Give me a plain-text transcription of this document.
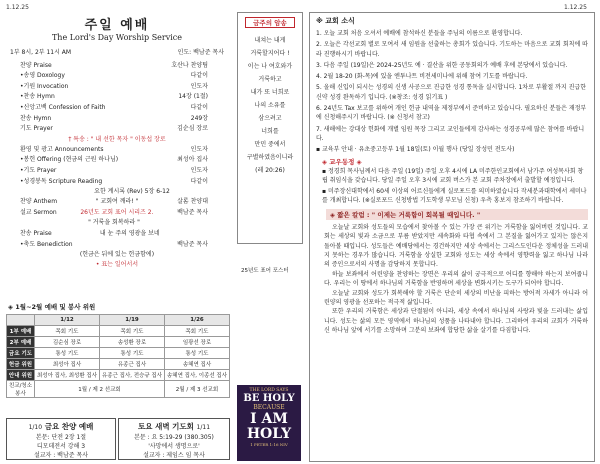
1.12.25
주일 예배
The Lord's Day Worship Service
1부 8시, 2부 11시 AM	인도: 백남준 목사
찬양 Praise	호산나 찬양팀
•송영 Doxology	다같이
•기원 Invocation	인도자
•찬송 Hymn	14장 (1절)
•신앙고백 Confession of Faith	다같이
찬송 Hymn	249장
기도 Prayer	김순심 장로
† 특송 : " 내 선한 목자 " 이동섭 장로
환영 및 광고 Announcements	인도자
•봉헌 Offering (현금의 근원 하나님)	최성아 집사
•기도 Prayer	인도자
•성경봉독 Scripture Reading	다같이
요한 계시록 (Rev) 5장 6-12
찬양 Anthem	" 교회여 깨라! "	살롬 찬양대
설교 Sermon	26년도 교회 표어 시리즈 2.	백남준 목사
" 거룩을 회복하라 "
찬송 Praise	내 눈 주의 영광을 보네
•축도 Benediction	백남준 목사
(헌금은 뒤에 있는 헌금함에)
• 표는 일어서서
◈ 1월~2월 예배 및 봉사 위원
	1/12	1/19	1/26
1부 예배	목회 기도	목회 기도	목회 기도
2부 예배	김순심 장로	송성환 장로	임광선 장로
금요 기도	통성 기도	통성 기도	통성 기도
헌금 위원	최성아 집사	유종근 집사	송혜연 집사
안내 위원	최성아 집사, 최성환 집사	유종근 집사, 전승규 집사	송혜연 집사, 이종선 집사
친교/청소 봉사	1월 / 제 2 선교회		2월 / 제 3 선교회
1/10 금요 찬양 예배
본문: 단전 2장 1절
디모데전서 강해 3
설교자 : 백남준 목사
토요 새벽 기도회 1/11
본문 : 요 5:19-29 (380.305)
'사망에서 생명으로'
설교자 : 제임스 임 목사
금주의 암송
내쳐는 내게
거룩할지어다 !
이는 나 여호와가
거룩하고
내가 또 너희로
나의 소유를
삼으려고
너희를
만민 중에서
구별하였음이니라
(레 20:26)
25년도 표어 포스터
THE LORD SAYS
BE HOLY
BECAUSE
I AM
HOLY
1 PETER 1:16 NIV
1.12.25
※ 교회 소식

1. 오늘 교회 처음 오셔서 예배에 참석하신 분들을 주님의 이름으로 환영합니다.

2. 오늘은 각선교회 별로 모여서 새 임원을 선출하는 총회가 있습니다. 기도하는 마음으로 교회 회칙에 따라 진행하시기 바랍니다.

3. 다음 주일 (19일)은 2024-25년도 예 · 결산을 위한 공동회의가 예배 후에 본당에서 있습니다.

4. 2월 18-20 (화-목)에 있을 엔투나트 비전세미나에 위해 참여 기도를 바랍니다.

5. 올해 신입이 되시는 성경의 신생 사공으로 진급한 성경 통독을 실시합니다. 1차로 부활절 까지 진급한 신약 성경 완독하기 입니다. (※창조: 성경 읽기표 )

6. 24년도 Tax 보고를 위하여 개인 헌금 내역을 제정부에서 준비하고 있습니다. 필요하신 분들은 재정부에 신청해주시기 바랍니다. (※ 신청서 참고)

7. 새해에는 강대상 헌화에 개별 임원 목장 그리고 교인들에게 감사하는 성경공부에 많은 참여를 바랍니다.

▪ 교육부 안내 · 유초중고등부 1월 18일(토) 이월 행사 (당일 장성민 전도사)

◈ 교우동정 ◈

▪ 정경희 목사님께서 다음 주일 (19일) 주일 오후 4시에 LA 미주한인교회에서 남가주 여성목사회 창립 취임식을 갖습니다. 당일 주일 오후 3시에 교회 버스가 본 교회 주차장에서 출발할 예정입니다.

▪ 미주장신대학에서 60세 이상의 어르신들에게 실로포드를 의미하였습니다 작세분과대학에서 세미나를 개최합니다. (※실로포드 신청방법 기도학생 부모님 신청) 우측 홍보지 참조하기 바랍니다.

◈ 짧은 칼럼 : " 이제는 거룩함이 회복될 때입니다. "

오늘날 교회와 성도들의 모습에서 찾아볼 수 있는 가장 큰 위기는 거룩함을 잃어버린 것입니다. 교회는 세상의 빛과 소금으로 부름 받았지만 세속화와 타협 속에서 그 본질을 잃어가고 있지는 않은지 돌아볼 때입니다. 성도들은 예배당에서는 경건하지만 세상 속에서는 그리스도인다운 정체성을 드러내지 못하는 경우가 많습니다. 거룩함을 상실한 교회와 성도는 세상 속에서 영향력을 잃고 하나님 나라의 증인으로서의 사명을 감당하지 못합니다.

하늘 보좌에서 어린양을 찬양하는 장면은 우리의 삶이 궁극적으로 어디를 향해야 하는지 보여줍니다. 우리는 이 땅에서 하나님의 거룩함을 반영하며 세상을 변화시키는 도구가 되어야 합니다.

오늘날 교회와 성도가 회복해야 할 거룩은 단순히 세상의 비난을 피하는 방어적 자세가 아니라 어린양의 영광을 선포하는 적극적 삶입니다.

또한 우리의 거룩함은 세상과 단절됨이 아니라, 세상 속에서 하나님의 사랑과 빛을 드러내는 삶입니다. 성도는 삶의 모든 영역에서 하나님의 성품을 나타내야 합니다. 그리하여 우리의 교회가 거룩하신 하나님 앞에 서기를 소망하며 그분의 보좌에 합당한 삶을 살기를 다짐합니다.
